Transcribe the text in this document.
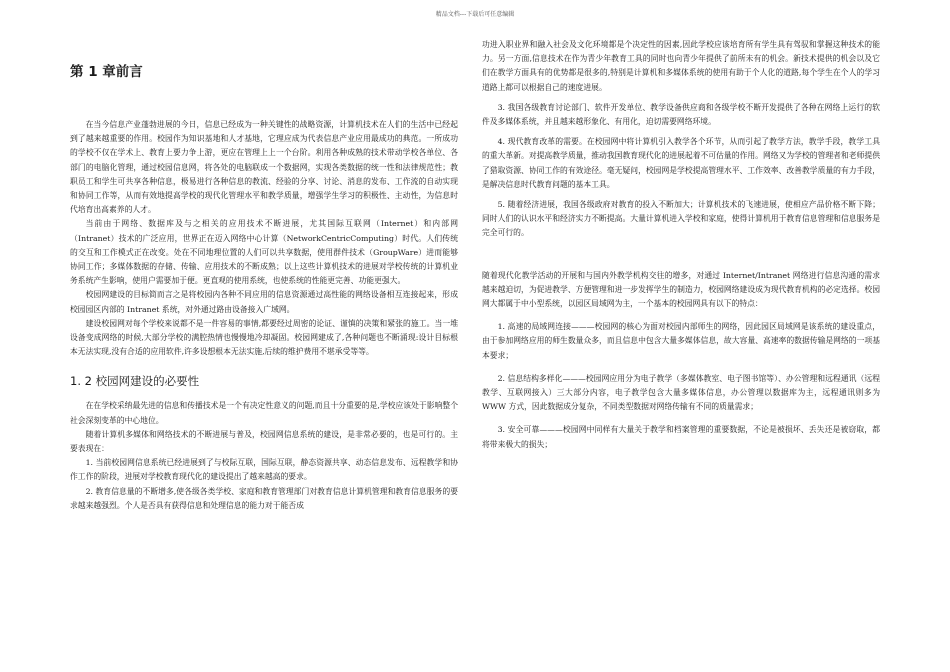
精品文档---下载后可任意编辑
第 1 章前言

在当今信息产业蓬勃进展的今日，信息已经成为一种关键性的战略资源，计算机技术在人们的生活中已经起到了越来越重要的作用。校园作为知识基地和人才基地，它理应成为代表信息产业应用最成功的典范。一所成功的学校不仅在学术上、教育上要力争上游，更应在管理上上一个台阶。利用各种成熟的技术带动学校各单位、各部门的电脑化管理，通过校园信息网，将各处的电脑联成一个数据网，实现各类数据的统一性和法律规范性；教职员工和学生可共享各种信息，极易进行各种信息的教流、经验的分享、讨论、消息的发布、工作流的自动实现和协同工作等，从而有效地提高学校的现代化管理水平和教学质量，增强学生学习的积极性、主动性，为信息时代培育出高素养的人才。

当前由于网络、数据库及与之相关的应用技术不断进展，尤其国际互联网（Internet）和内部网（Intranet）技术的广泛应用，世界正在迈入网络中心计算（NetworkCentricComputing）时代。人们传统的交互和工作模式正在改变。处在不同地理位置的人们可以共享数据，使用群件技术（GroupWare）进而能够协同工作；多媒体数据的存储、传输、应用技术的不断成熟；以上这些计算机技术的进展对学校传统的计算机业务系统产生影响，使用户需要加于便。更直观的使用系统，也使系统的性能更完善、功能更强大。

校园网建设的目标简而言之是将校园内各种不同应用的信息资源通过高性能的网络设备相互连接起来，形成校园园区内部的 Intranet 系统，对外通过路由设备接入广域网。

建设校园网对每个学校来说都不是一件容易的事情,都要经过周密的论证、谨慎的决策和紧张的施工。当一堆设备变成网络的时候,大部分学校的满腔热情也慢慢地冷却凝固。校园网建成了,各种问题也不断涌现:设计目标根本无法实现,没有合适的应用软件,许多设想根本无法实施,后续的维护费用不堪承受等等。

1. 2 校园网建设的必要性

在在学校采纳最先进的信息和传播技术是一个有决定性意义的问题,而且十分重要的是,学校应该处于影响整个社会深刻变革的中心地位。

随着计算机多媒体和网络技术的不断进展与普及，校园网信息系统的建设，是非常必要的，也是可行的。主要表现在：

1. 当前校园网信息系统已经进展到了与校际互联，国际互联，静态资源共享、动态信息发布、远程教学和协作工作的阶段，进展对学校教育现代化的建设提出了越来越高的要求。

2. 教育信息量的不断增多,使各级各类学校、家庭和教育管理部门对教育信息计算机管理和教育信息服务的要求越来越强烈。个人是否具有获得信息和处理信息的能力对于能否成

功进入职业界和融入社会及文化环境都是个决定性的因素,因此学校应该培育所有学生具有驾驭和掌握这种技术的能力。另一方面,信息技术在作为青少年教育工具的同时也向青少年提供了前所未有的机会。新技术提供的机会以及它们在教学方面具有的优势都是很多的,特别是计算机和多媒体系统的使用有助于个人化的道路,每个学生在个人的学习道路上都可以根据自己的速度进展。

3. 我国各级教育讨论部门、软件开发单位、教学设备供应商和各级学校不断开发提供了各种在网络上运行的软件及多媒体系统，并且越来越形象化、有用化，迫切需要网络环境。

4. 现代教育改革的需要。在校园网中将计算机引入教学各个环节，从而引起了教学方法，教学手段，教学工具的重大革新。对提高教学质量，推动我国教育现代化的进展起着不可估量的作用。网络又为学校的管理者和老师提供了猎取资源、协同工作的有效途径。毫无疑问，校园网是学校提高管理水平、工作效率、改善教学质量的有力手段，是解决信息时代教育问题的基本工具。

5. 随着经济进展，我国各级政府对教育的投入不断加大；计算机技术的飞速进展，使相应产品价格不断下降；同时人们的认识水平和经济实力不断提高。大量计算机进入学校和家庭，使得计算机用于教育信息管理和信息服务是完全可行的。

随着现代化教学活动的开展和与国内外教学机构交往的增多，对通过 Internet/Intranet 网络进行信息沟通的需求越来越迫切，为促进教学、方便管理和进一步发挥学生的制造力，校园网络建设成为现代教育机构的必定选择。校园网大都属于中小型系统，以园区局域网为主，一个基本的校园网具有以下的特点：

1. 高速的局域网连接———校园网的核心为面对校园内部师生的网络，因此园区局域网是该系统的建设重点，由于参加网络应用的师生数量众多，而且信息中包含大量多媒体信息，故大容量、高速率的数据传输是网络的一项基本要求；

2. 信息结构多样化———校园网应用分为电子教学（多媒体教室、电子图书馆等）、办公管理和远程通讯（远程教学、互联网接入）三大部分内容，电子教学包含大量多媒体信息，办公管理以数据库为主，远程通讯则多为 WWW 方式，因此数据成分复杂，不同类型数据对网络传输有不同的质量需求；

3. 安全可靠———校园网中同样有大量关于教学和档案管理的重要数据，不论是被损坏、丢失还是被窃取，都将带来极大的损失；
